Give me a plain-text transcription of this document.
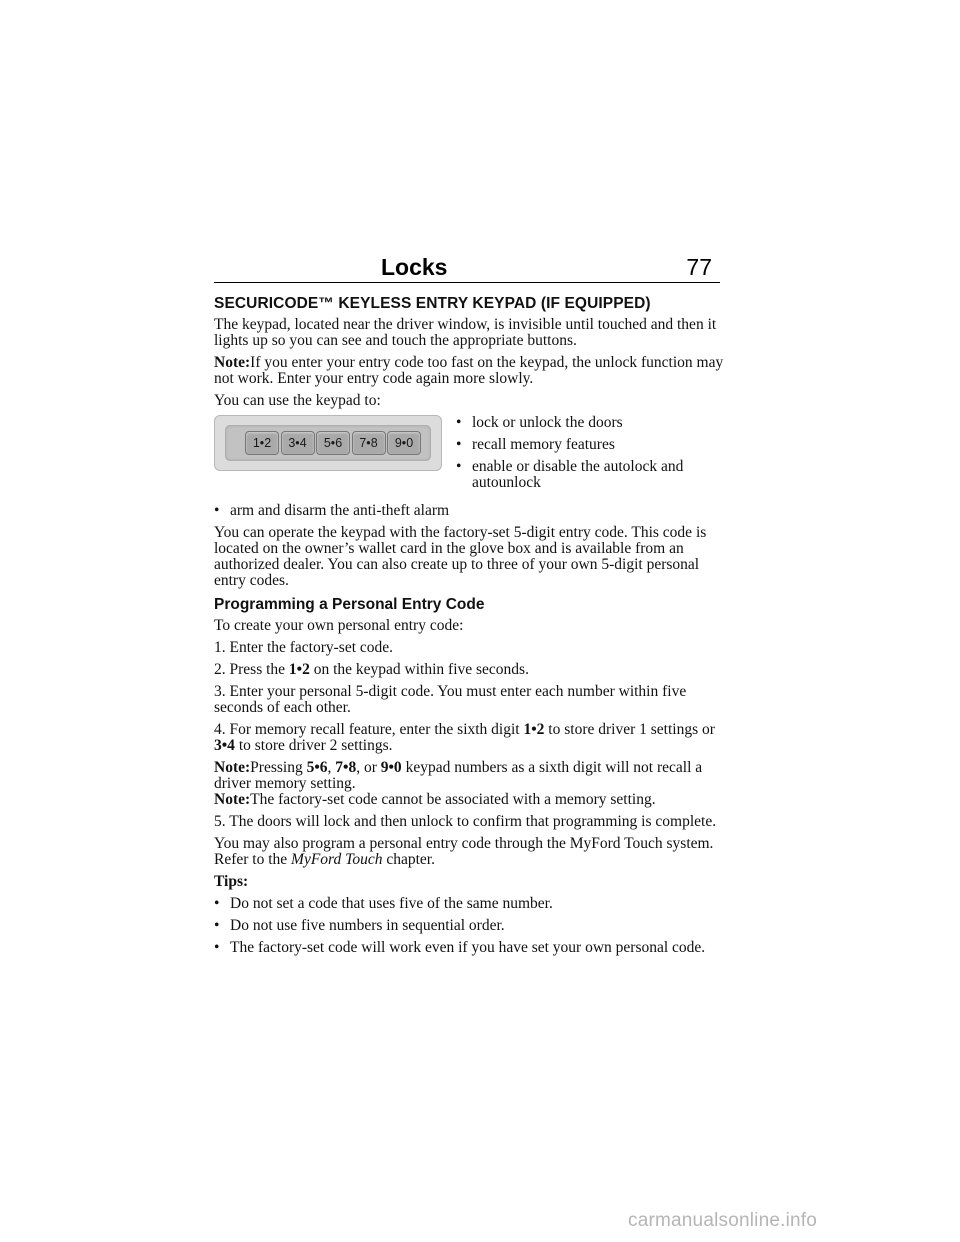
Locks	77
SECURICODE™ KEYLESS ENTRY KEYPAD (IF EQUIPPED)

The keypad, located near the driver window, is invisible until touched and then it lights up so you can see and touch the appropriate buttons.

Note:If you enter your entry code too fast on the keypad, the unlock function may not work. Enter your entry code again more slowly.

You can use the keypad to:

1•2	3•4	5•6	7•8	9•0
• lock or unlock the doors
• recall memory features
• enable or disable the autolock and autounlock
• arm and disarm the anti-theft alarm

You can operate the keypad with the factory-set 5-digit entry code. This code is located on the owner’s wallet card in the glove box and is available from an authorized dealer. You can also create up to three of your own 5-digit personal entry codes.

Programming a Personal Entry Code

To create your own personal entry code:

1. Enter the factory-set code.

2. Press the 1•2 on the keypad within five seconds.

3. Enter your personal 5-digit code. You must enter each number within five seconds of each other.

4. For memory recall feature, enter the sixth digit 1•2 to store driver 1 settings or 3•4 to store driver 2 settings.

Note:Pressing 5•6, 7•8, or 9•0 keypad numbers as a sixth digit will not recall a driver memory setting.

Note:The factory-set code cannot be associated with a memory setting.

5. The doors will lock and then unlock to confirm that programming is complete.

You may also program a personal entry code through the MyFord Touch system. Refer to the MyFord Touch chapter.

Tips:

• Do not set a code that uses five of the same number.
• Do not use five numbers in sequential order.
• The factory-set code will work even if you have set your own personal code.
carmanualsonline.info
